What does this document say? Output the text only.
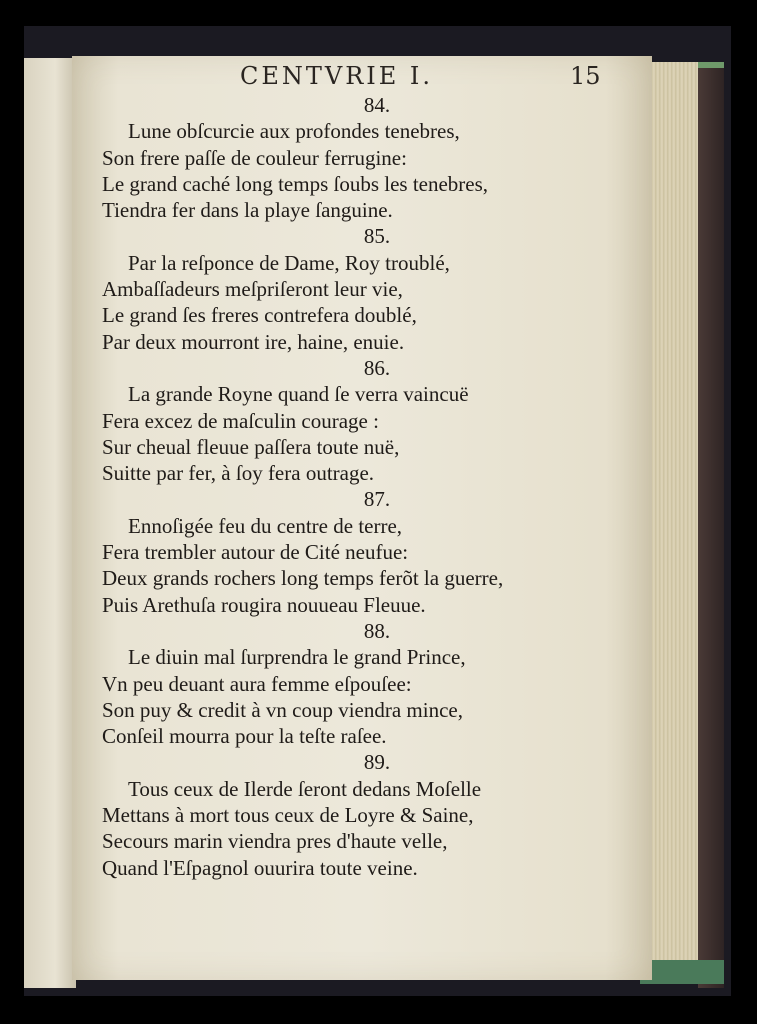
CENTVRIE I.	15
84.
Lune obſcurcie aux profondes tenebres,
Son frere paſſe de couleur ferrugine:
Le grand caché long temps ſoubs les tenebres,
Tiendra fer dans la playe ſanguine.
85.
Par la reſponce de Dame, Roy troublé,
Ambaſſadeurs meſpriſeront leur vie,
Le grand ſes freres contrefera doublé,
Par deux mourront ire, haine, enuie.
86.
La grande Royne quand ſe verra vaincuë
Fera excez de maſculin courage :
Sur cheual fleuue paſſera toute nuë,
Suitte par fer, à ſoy fera outrage.
87.
Ennoſigée feu du centre de terre,
Fera trembler autour de Cité neufue:
Deux grands rochers long temps ferõt la guerre,
Puis Arethuſa rougira nouueau Fleuue.
88.
Le diuin mal ſurprendra le grand Prince,
Vn peu deuant aura femme eſpouſee:
Son puy & credit à vn coup viendra mince,
Conſeil mourra pour la teſte raſee.
89.
Tous ceux de Ilerde ſeront dedans Moſelle
Mettans à mort tous ceux de Loyre & Saine,
Secours marin viendra pres d'haute velle,
Quand l'Eſpagnol ouurira toute veine.
